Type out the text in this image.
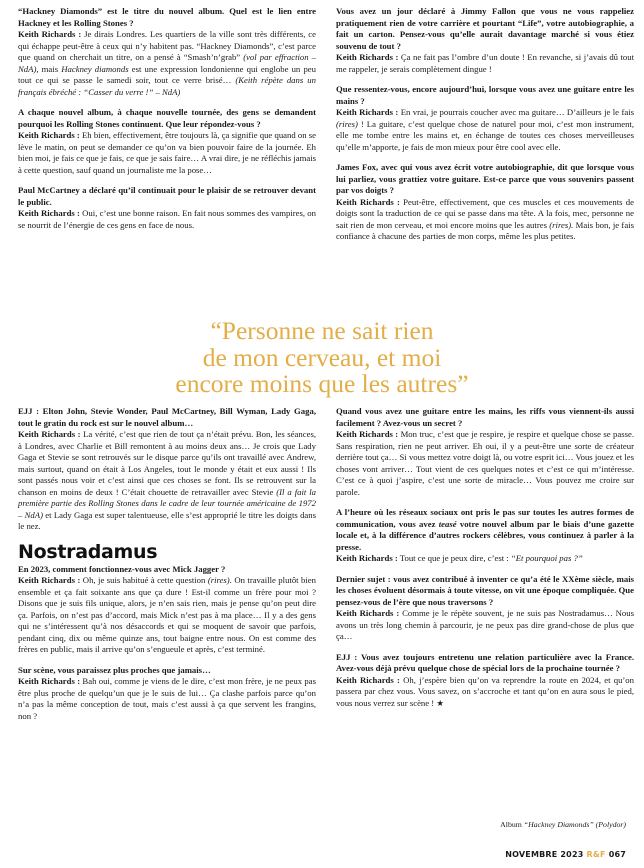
“Hackney Diamonds” est le titre du nouvel album. Quel est le lien entre Hackney et les Rolling Stones ?
Keith Richards : Je dirais Londres. Les quartiers de la ville sont très différents, ce qui échappe peut-être à ceux qui n’y habitent pas. “Hackney Diamonds”, c’est parce que quand on cherchait un titre, on a pensé à “Smash’n’grab” (vol par effraction – NdA), mais Hackney diamonds est une expression londonienne qui englobe un peu tout ce qui se passe le samedi soir, tout ce verre brisé… (Keith répète dans un français ébréché : “Casser du verre !” – NdA)

A chaque nouvel album, à chaque nouvelle tournée, des gens se demandent pourquoi les Rolling Stones continuent. Que leur répondez-vous ?
Keith Richards : Eh bien, effectivement, être toujours là, ça signifie que quand on se lève le matin, on peut se demander ce qu’on va bien pouvoir faire de la journée. Eh bien moi, je fais ce que je fais, ce que je sais faire… A vrai dire, je ne réfléchis jamais à cette question, sauf quand un journaliste me la pose…

Paul McCartney a déclaré qu’il continuait pour le plaisir de se retrouver devant le public.
Keith Richards : Oui, c’est une bonne raison. En fait nous sommes des vampires, on se nourrit de l’énergie de ces gens en face de nous.

Vous avez un jour déclaré à Jimmy Fallon que vous ne vous rappeliez pratiquement rien de votre carrière et pourtant “Life”, votre autobiographie, a fait un carton. Pensez-vous qu’elle aurait davantage marché si vous étiez souvenu de tout ?
Keith Richards : Ça ne fait pas l’ombre d’un doute ! En revanche, si j’avais dû tout me rappeler, je serais complètement dingue !

Que ressentez-vous, encore aujourd’hui, lorsque vous avez une guitare entre les mains ?
Keith Richards : En vrai, je pourrais coucher avec ma guitare… D’ailleurs je le fais (rires) ! La guitare, c’est quelque chose de naturel pour moi, c’est mon instrument, elle me tombe entre les mains et, en échange de toutes ces choses merveilleuses qu’elle m’apporte, je fais de mon mieux pour être cool avec elle.

James Fox, avec qui vous avez écrit votre autobiographie, dit que lorsque vous lui parliez, vous grattiez votre guitare. Est-ce parce que vous souvenirs passent par vos doigts ?
Keith Richards : Peut-être, effectivement, que ces muscles et ces mouvements de doigts sont la traduction de ce qui se passe dans ma tête. A la fois, mec, personne ne sait rien de mon cerveau, et moi encore moins que les autres (rires). Mais bon, je fais confiance à chacune des parties de mon corps, même les plus petites.

“Personne ne sait rien
de mon cerveau, et moi
encore moins que les autres”

EJJ : Elton John, Stevie Wonder, Paul McCartney, Bill Wyman, Lady Gaga, tout le gratin du rock est sur le nouvel album…
Keith Richards : La vérité, c’est que rien de tout ça n’était prévu. Bon, les séances, à Londres, avec Charlie et Bill remontent à au moins deux ans… Je crois que Lady Gaga et Stevie se sont retrouvés sur le disque parce qu’ils ont travaillé avec Andrew, mais surtout, quand on était à Los Angeles, tout le monde y était et eux aussi ! Ils sont passés nous voir et c’est ainsi que ces choses se font. Ils se retrouvent sur la chanson en moins de deux ! C’était chouette de retravailler avec Stevie (Il a fait la première partie des Rolling Stones dans le cadre de leur tournée américaine de 1972 – NdA) et Lady Gaga est super talentueuse, elle s’est approprié le titre les doigts dans le nez.

Nostradamus

En 2023, comment fonctionnez-vous avec Mick Jagger ?
Keith Richards : Oh, je suis habitué à cette question (rires). On travaille plutôt bien ensemble et ça fait soixante ans que ça dure ! Est-il comme un frère pour moi ? Disons que je suis fils unique, alors, je n’en sais rien, mais je pense qu’on peut dire ça. Parfois, on n’est pas d’accord, mais Mick n’est pas à ma place… Il y a des gens qui ne s’intéressent qu’à nos désaccords et qui se moquent de savoir que parfois, pendant cinq, dix ou même quinze ans, tout baigne entre nous. On est comme des frères en public, mais il arrive qu’on s’engueule et après, c’est terminé.

Sur scène, vous paraissez plus proches que jamais…
Keith Richards : Bah oui, comme je viens de le dire, c’est mon frère, je ne peux pas être plus proche de quelqu’un que je le suis de lui… Ça clashe parfois parce qu’on n’a pas la même conception de tout, mais c’est aussi à ça que servent les frangins, non ?

Quand vous avez une guitare entre les mains, les riffs vous viennent-ils aussi facilement ? Avez-vous un secret ?
Keith Richards : Mon truc, c’est que je respire, je respire et quelque chose se passe. Sans respiration, rien ne peut arriver. Eh oui, il y a peut-être une sorte de créateur derrière tout ça… Si vous mettez votre doigt là, ou votre esprit ici… Vous jouez et les choses vont arriver… Tout vient de ces quelques notes et c’est ce qui m’intéresse. C’est ce à quoi j’aspire, c’est une sorte de miracle… Vous pouvez me croire sur parole.

A l’heure où les réseaux sociaux ont pris le pas sur toutes les autres formes de communication, vous avez teasé votre nouvel album par le biais d’une gazette locale et, à la différence d’autres rockers célèbres, vous continuez à parler à la presse.
Keith Richards : Tout ce que je peux dire, c’est : “Et pourquoi pas ?”

Dernier sujet : vous avez contribué à inventer ce qu’a été le XXème siècle, mais les choses évoluent désormais à toute vitesse, on vit une époque compliquée. Que pensez-vous de l’ère que nous traversons ?
Keith Richards : Comme je le répète souvent, je ne suis pas Nostradamus… Nous avons un très long chemin à parcourir, je ne peux pas dire grand-chose de plus que ça…

EJJ : Vous avez toujours entretenu une relation particulière avec la France. Avez-vous déjà prévu quelque chose de spécial lors de la prochaine tournée ?
Keith Richards : Oh, j’espère bien qu’on va reprendre la route en 2024, et qu’on passera par chez vous. Vous savez, on s’accroche et tant qu’on en aura sous le pied, vous nous verrez sur scène ! ★

Album “Hackney Diamonds” (Polydor)
NOVEMBRE 2023 R&F 067
